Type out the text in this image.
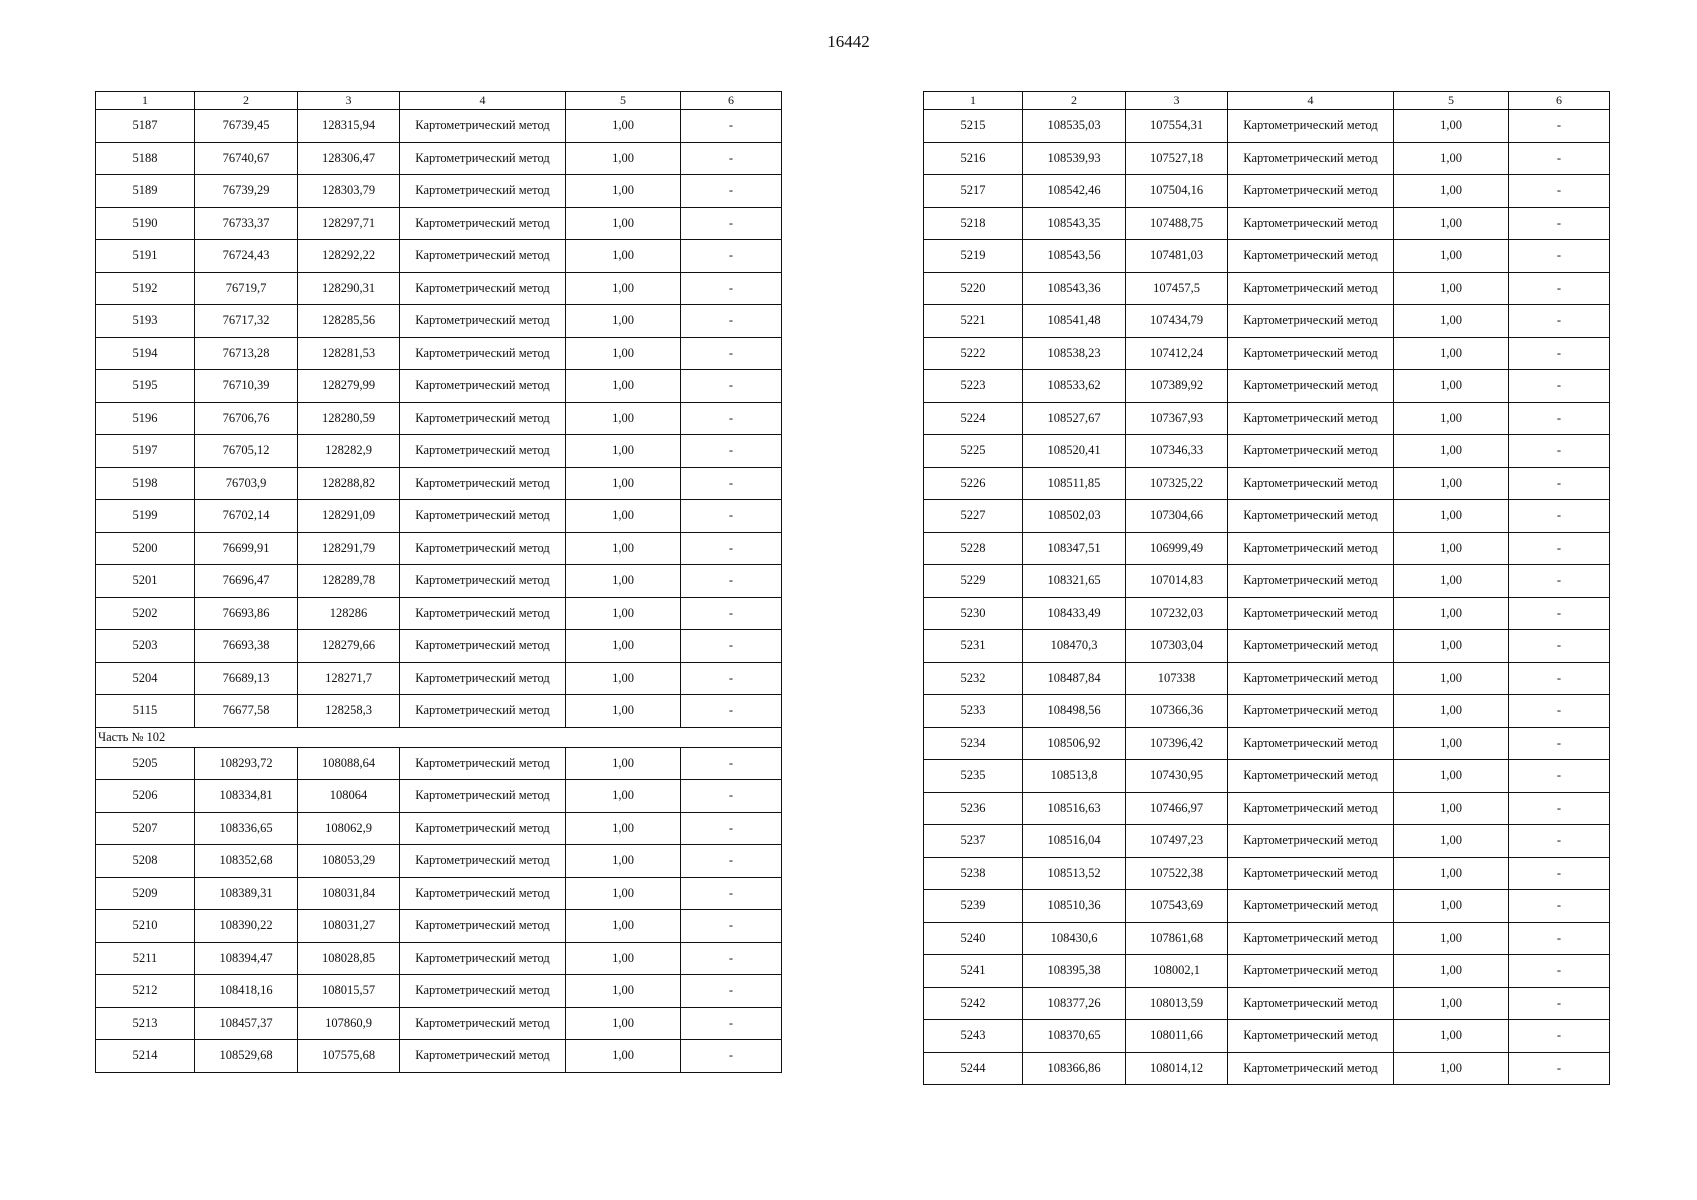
16442
1	2	3	4	5	6
5187	76739,45	128315,94	Картометрический метод	1,00	-
5188	76740,67	128306,47	Картометрический метод	1,00	-
5189	76739,29	128303,79	Картометрический метод	1,00	-
5190	76733,37	128297,71	Картометрический метод	1,00	-
5191	76724,43	128292,22	Картометрический метод	1,00	-
5192	76719,7	128290,31	Картометрический метод	1,00	-
5193	76717,32	128285,56	Картометрический метод	1,00	-
5194	76713,28	128281,53	Картометрический метод	1,00	-
5195	76710,39	128279,99	Картометрический метод	1,00	-
5196	76706,76	128280,59	Картометрический метод	1,00	-
5197	76705,12	128282,9	Картометрический метод	1,00	-
5198	76703,9	128288,82	Картометрический метод	1,00	-
5199	76702,14	128291,09	Картометрический метод	1,00	-
5200	76699,91	128291,79	Картометрический метод	1,00	-
5201	76696,47	128289,78	Картометрический метод	1,00	-
5202	76693,86	128286	Картометрический метод	1,00	-
5203	76693,38	128279,66	Картометрический метод	1,00	-
5204	76689,13	128271,7	Картометрический метод	1,00	-
5115	76677,58	128258,3	Картометрический метод	1,00	-
Часть № 102					
5205	108293,72	108088,64	Картометрический метод	1,00	-
5206	108334,81	108064	Картометрический метод	1,00	-
5207	108336,65	108062,9	Картометрический метод	1,00	-
5208	108352,68	108053,29	Картометрический метод	1,00	-
5209	108389,31	108031,84	Картометрический метод	1,00	-
5210	108390,22	108031,27	Картометрический метод	1,00	-
5211	108394,47	108028,85	Картометрический метод	1,00	-
5212	108418,16	108015,57	Картометрический метод	1,00	-
5213	108457,37	107860,9	Картометрический метод	1,00	-
5214	108529,68	107575,68	Картометрический метод	1,00	-
1	2	3	4	5	6
5215	108535,03	107554,31	Картометрический метод	1,00	-
5216	108539,93	107527,18	Картометрический метод	1,00	-
5217	108542,46	107504,16	Картометрический метод	1,00	-
5218	108543,35	107488,75	Картометрический метод	1,00	-
5219	108543,56	107481,03	Картометрический метод	1,00	-
5220	108543,36	107457,5	Картометрический метод	1,00	-
5221	108541,48	107434,79	Картометрический метод	1,00	-
5222	108538,23	107412,24	Картометрический метод	1,00	-
5223	108533,62	107389,92	Картометрический метод	1,00	-
5224	108527,67	107367,93	Картометрический метод	1,00	-
5225	108520,41	107346,33	Картометрический метод	1,00	-
5226	108511,85	107325,22	Картометрический метод	1,00	-
5227	108502,03	107304,66	Картометрический метод	1,00	-
5228	108347,51	106999,49	Картометрический метод	1,00	-
5229	108321,65	107014,83	Картометрический метод	1,00	-
5230	108433,49	107232,03	Картометрический метод	1,00	-
5231	108470,3	107303,04	Картометрический метод	1,00	-
5232	108487,84	107338	Картометрический метод	1,00	-
5233	108498,56	107366,36	Картометрический метод	1,00	-
5234	108506,92	107396,42	Картометрический метод	1,00	-
5235	108513,8	107430,95	Картометрический метод	1,00	-
5236	108516,63	107466,97	Картометрический метод	1,00	-
5237	108516,04	107497,23	Картометрический метод	1,00	-
5238	108513,52	107522,38	Картометрический метод	1,00	-
5239	108510,36	107543,69	Картометрический метод	1,00	-
5240	108430,6	107861,68	Картометрический метод	1,00	-
5241	108395,38	108002,1	Картометрический метод	1,00	-
5242	108377,26	108013,59	Картометрический метод	1,00	-
5243	108370,65	108011,66	Картометрический метод	1,00	-
5244	108366,86	108014,12	Картометрический метод	1,00	-
